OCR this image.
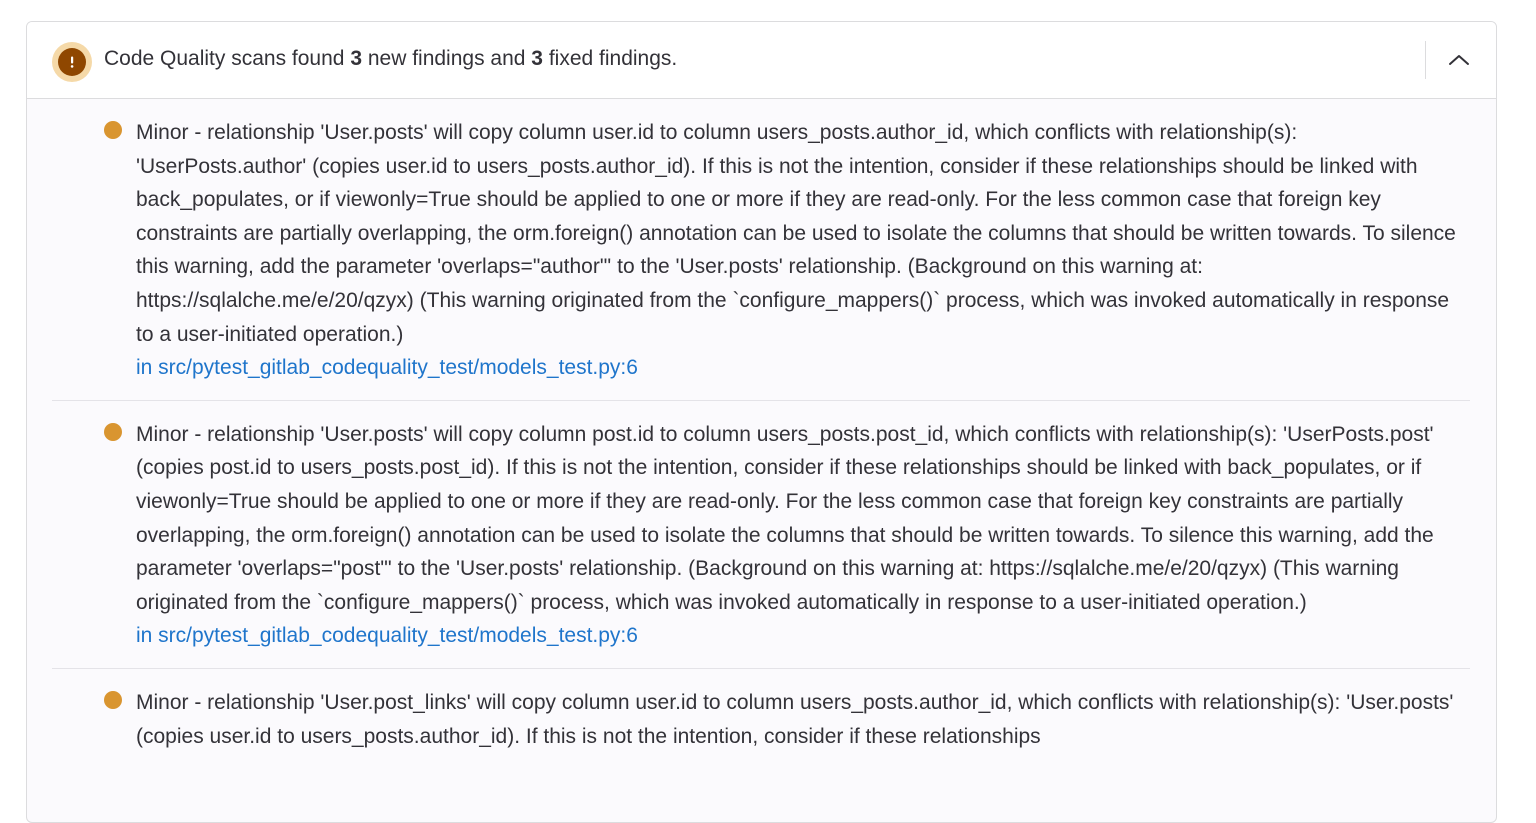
Code Quality scans found 3 new findings and 3 fixed findings.

Minor - relationship 'User.posts' will copy column user.id to column users_posts.author_id, which conflicts with relationship(s): 'UserPosts.author' (copies user.id to users_posts.author_id). If this is not the intention, consider if these relationships should be linked with back_populates, or if viewonly=True should be applied to one or more if they are read-only. For the less common case that foreign key constraints are partially overlapping, the orm.foreign() annotation can be used to isolate the columns that should be written towards. To silence this warning, add the parameter 'overlaps="author"' to the 'User.posts' relationship. (Background on this warning at: https://sqlalche.me/e/20/qzyx) (This warning originated from the `configure_mappers()` process, which was invoked automatically in response to a user-initiated operation.)

in src/pytest_gitlab_codequality_test/models_test.py:6

Minor - relationship 'User.posts' will copy column post.id to column users_posts.post_id, which conflicts with relationship(s): 'UserPosts.post' (copies post.id to users_posts.post_id). If this is not the intention, consider if these relationships should be linked with back_populates, or if viewonly=True should be applied to one or more if they are read-only. For the less common case that foreign key constraints are partially overlapping, the orm.foreign() annotation can be used to isolate the columns that should be written towards. To silence this warning, add the parameter 'overlaps="post"' to the 'User.posts' relationship. (Background on this warning at: https://sqlalche.me/e/20/qzyx) (This warning originated from the `configure_mappers()` process, which was invoked automatically in response to a user-initiated operation.)

in src/pytest_gitlab_codequality_test/models_test.py:6

Minor - relationship 'User.post_links' will copy column user.id to column users_posts.author_id, which conflicts with relationship(s): 'User.posts' (copies user.id to users_posts.author_id). If this is not the intention, consider if these relationships
